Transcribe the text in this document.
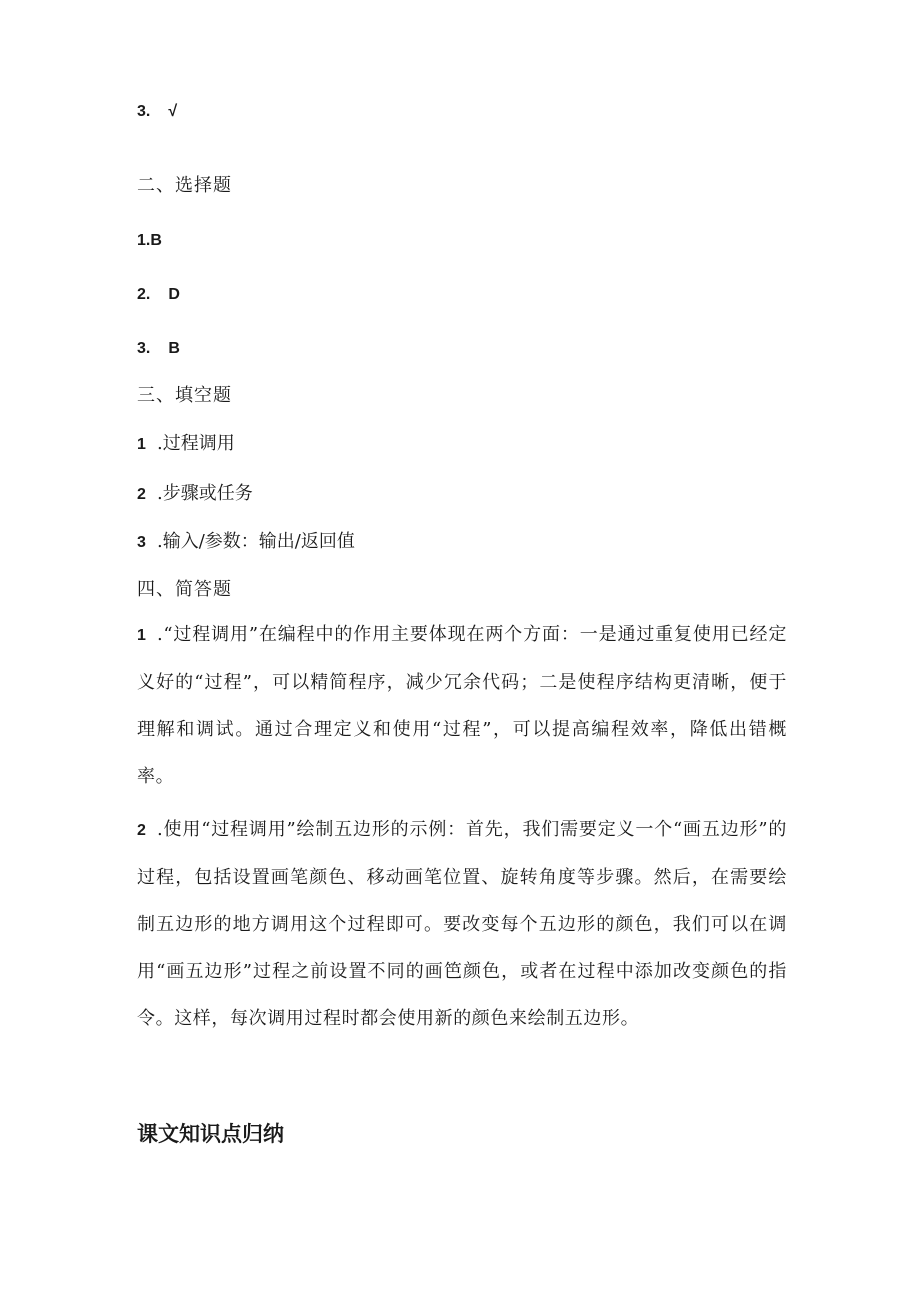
3. √
二、选择题
1.B
2. D
3. B
三、填空题
1 .过程调用
2 .步骤或任务
3 .输入/参数：输出/返回值
四、简答题
1 .“过程调用”在编程中的作用主要体现在两个方面：一是通过重复使用已经定义好的“过程”，可以精简程序，减少冗余代码；二是使程序结构更清晰，便于理解和调试。通过合理定义和使用“过程”，可以提高编程效率，降低出错概率。
2 .使用“过程调用”绘制五边形的示例：首先，我们需要定义一个“画五边形”的过程，包括设置画笔颜色、移动画笔位置、旋转角度等步骤。然后，在需要绘制五边形的地方调用这个过程即可。要改变每个五边形的颜色，我们可以在调用“画五边形”过程之前设置不同的画笆颜色，或者在过程中添加改变颜色的指令。这样，每次调用过程时都会使用新的颜色来绘制五边形。
课文知识点归纳
